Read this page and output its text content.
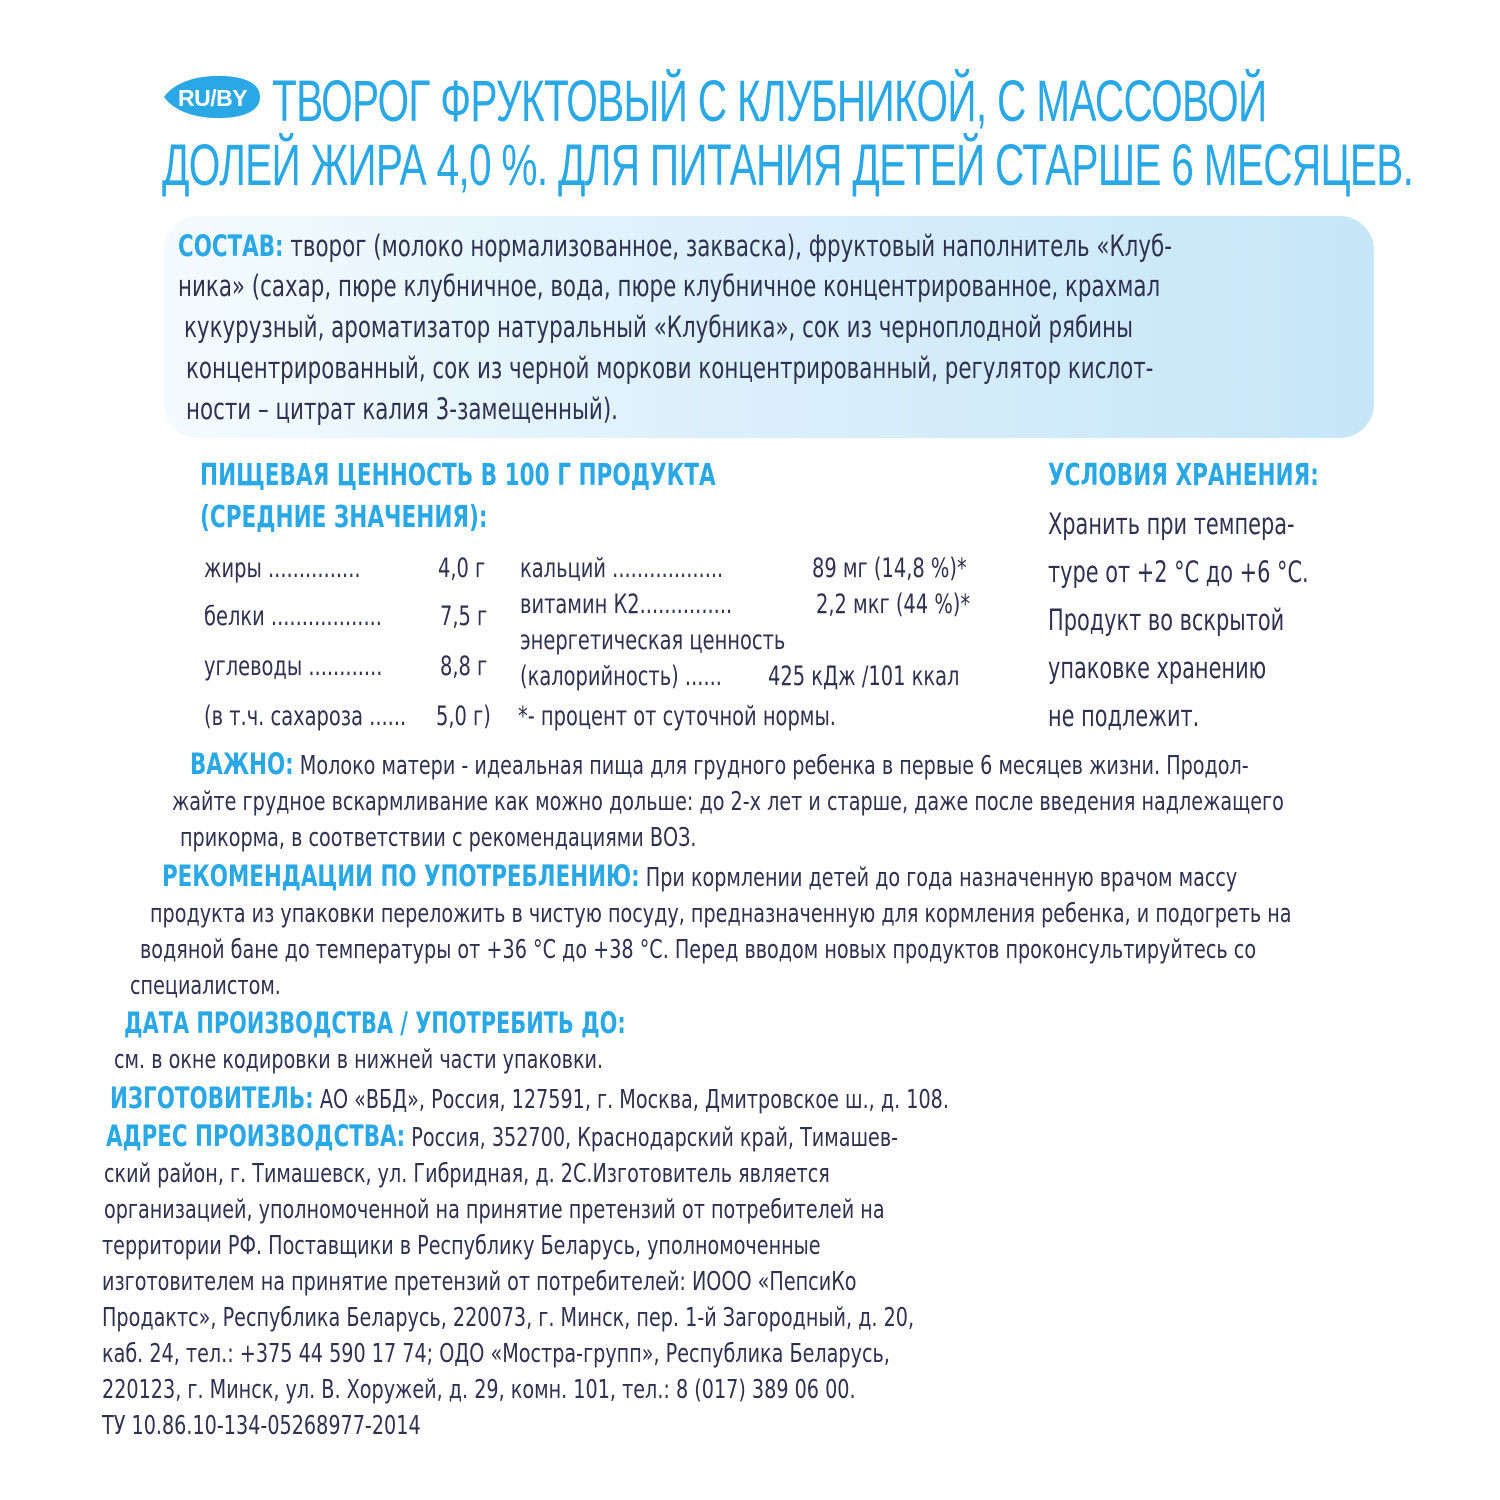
RU/BY ТВОРОГ ФРУКТОВЫЙ С КЛУБНИКОЙ, С МАССОВОЙ
ДОЛЕЙ ЖИРА 4,0 %. ДЛЯ ПИТАНИЯ ДЕТЕЙ СТАРШЕ 6 МЕСЯЦЕВ.
СОСТАВ: творог (молоко нормализованное, закваска), фруктовый наполнитель «Клуб-
ника» (сахар, пюре клубничное, вода, пюре клубничное концентрированное, крахмал
кукурузный, ароматизатор натуральный «Клубника», сок из черноплодной рябины
концентрированный, сок из черной моркови концентрированный, регулятор кислот-
ности – цитрат калия 3-замещенный).
ПИЩЕВАЯ ЦЕННОСТЬ В 100 Г ПРОДУКТА
(СРЕДНИЕ ЗНАЧЕНИЯ):
жиры ...............	4,0 г
белки .................. 7,5 г
углеводы ............ 8,8 г
(в т.ч. сахароза ...... 5,0 г)
кальций ..................	89 мг (14,8 %)*
витамин К2...............	2,2 мкг (44 %)*
энергетическая ценность
(калорийность) ...... 425 кДж /101 ккал
*- процент от суточной нормы.
УСЛОВИЯ ХРАНЕНИЯ:
Хранить при темпера-
туре от +2 °С до +6 °С.
Продукт во вскрытой
упаковке хранению
не подлежит.
ВАЖНО: Молоко матери - идеальная пища для грудного ребенка в первые 6 месяцев жизни. Продол-
жайте грудное вскармливание как можно дольше: до 2-х лет и старше, даже после введения надлежащего
прикорма, в соответствии с рекомендациями ВОЗ.
РЕКОМЕНДАЦИИ ПО УПОТРЕБЛЕНИЮ: При кормлении детей до года назначенную врачом массу
продукта из упаковки переложить в чистую посуду, предназначенную для кормления ребенка, и подогреть на
водяной бане до температуры от +36 °С до +38 °С. Перед вводом новых продуктов проконсультируйтесь со
специалистом.
ДАТА ПРОИЗВОДСТВА / УПОТРЕБИТЬ ДО:
см. в окне кодировки в нижней части упаковки.
ИЗГОТОВИТЕЛЬ: АО «ВБД», Россия, 127591, г. Москва, Дмитровское ш., д. 108.
АДРЕС ПРОИЗВОДСТВА: Россия, 352700, Краснодарский край, Тимашев-
ский район, г. Тимашевск, ул. Гибридная, д. 2С.Изготовитель является
организацией, уполномоченной на принятие претензий от потребителей на
территории РФ. Поставщики в Республику Беларусь, уполномоченные
изготовителем на принятие претензий от потребителей: ИООО «ПепсиКо
Продактс», Республика Беларусь, 220073, г. Минск, пер. 1-й Загородный, д. 20,
каб. 24, тел.: +375 44 590 17 74; ОДО «Мостра-групп», Республика Беларусь,
220123, г. Минск, ул. В. Хоружей, д. 29, комн. 101, тел.: 8 (017) 389 06 00.
ТУ 10.86.10-134-05268977-2014
